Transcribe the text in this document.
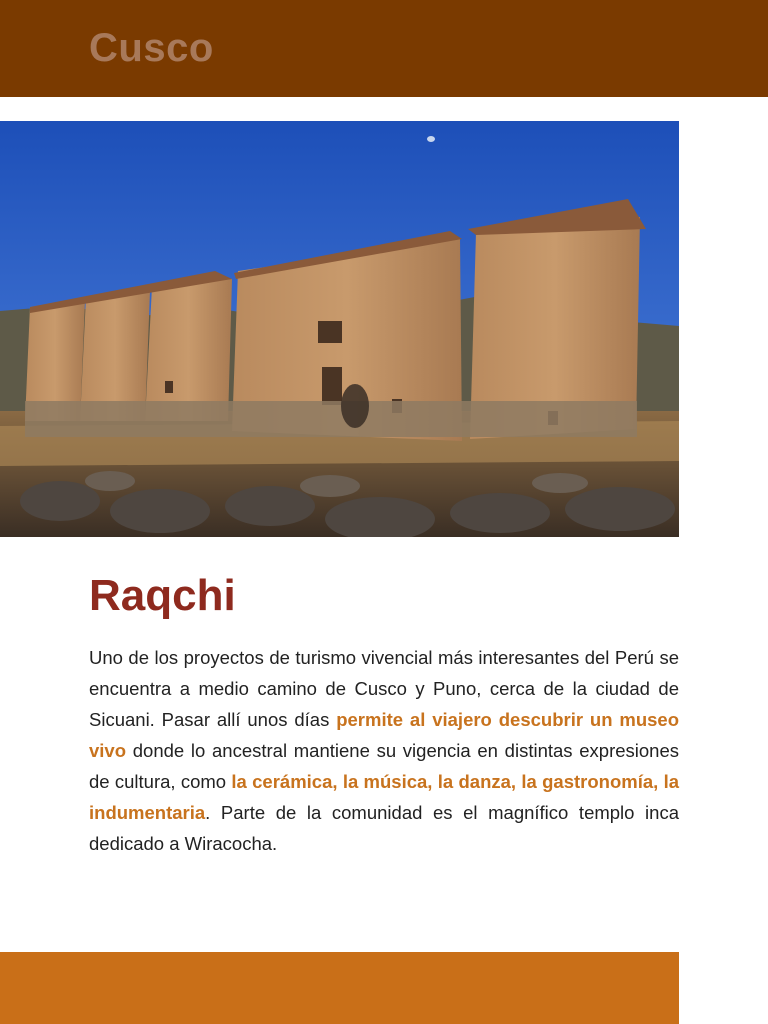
Cusco
Raqchi
Uno de los proyectos de turismo vivencial más interesantes del Perú se encuentra a medio camino de Cusco y Puno, cerca de la ciudad de Sicuani. Pasar allí unos días permite al viajero descubrir un museo vivo donde lo ancestral mantiene su vigencia en distintas expresiones de cultura, como la cerámica, la música, la danza, la gastronomía, la indumentaria. Parte de la comunidad es el magnífico templo inca dedicado a Wiracocha.
